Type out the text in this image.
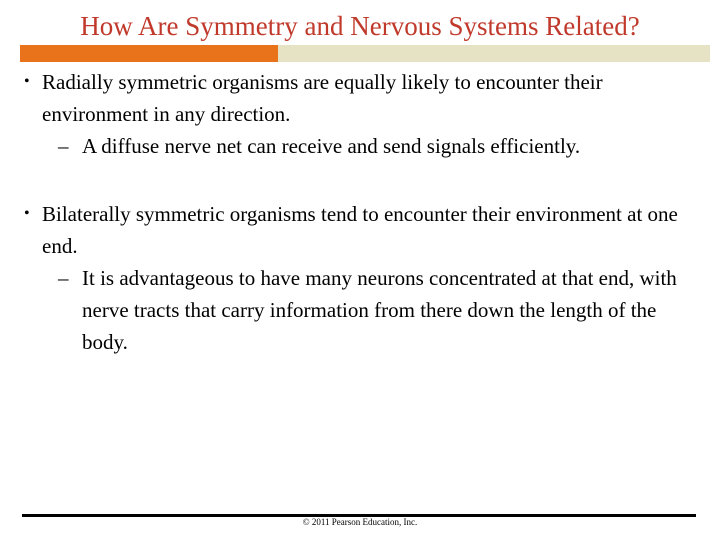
How Are Symmetry and Nervous Systems Related?
• Radially symmetric organisms are equally likely to encounter their environment in any direction.
– A diffuse nerve net can receive and send signals efficiently.
• Bilaterally symmetric organisms tend to encounter their environment at one end.
– It is advantageous to have many neurons concentrated at that end, with nerve tracts that carry information from there down the length of the body.
© 2011 Pearson Education, Inc.
